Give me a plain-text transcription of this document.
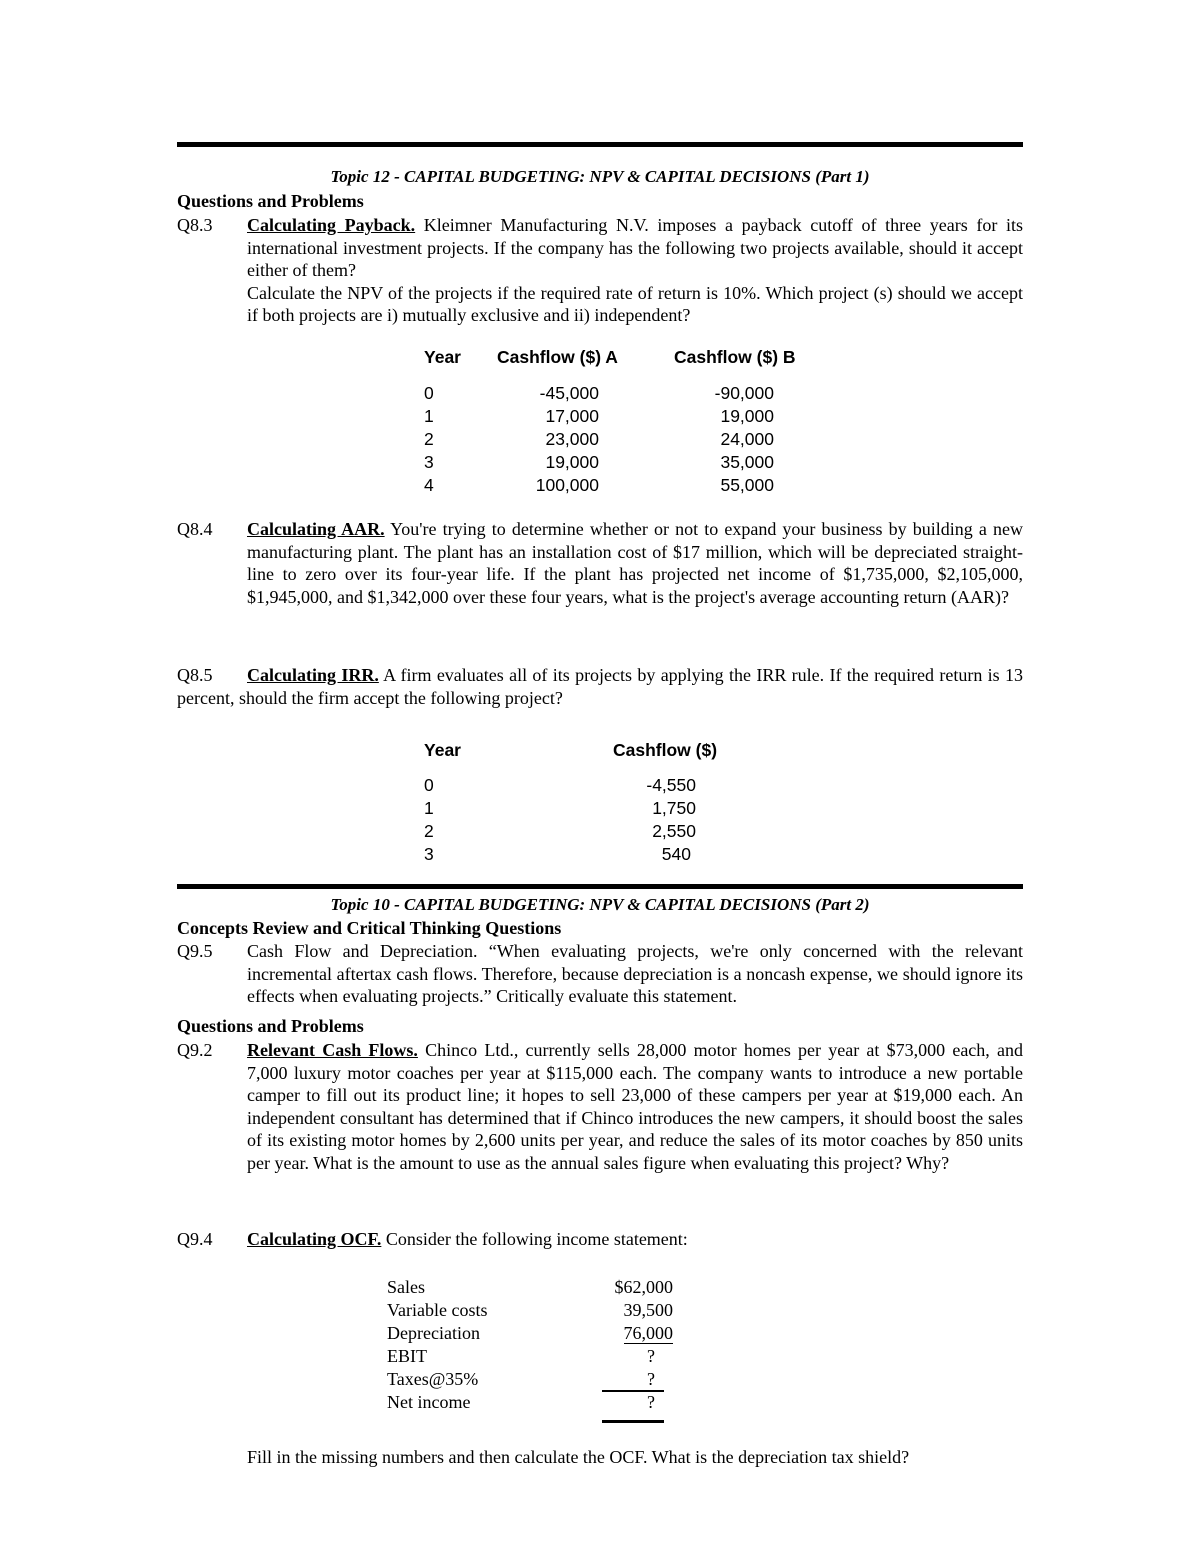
Topic 12 - CAPITAL BUDGETING: NPV & CAPITAL DECISIONS (Part 1)
Questions and Problems
Q8.3 Calculating Payback. Kleimner Manufacturing N.V. imposes a payback cutoff of three years for its international investment projects. If the company has the following two projects available, should it accept either of them?
Calculate the NPV of the projects if the required rate of return is 10%. Which project (s) should we accept if both projects are i) mutually exclusive and ii) independent?
Year Cashflow ($) A	Cashflow ($) B
0	-45,000	-90,000
1	17,000	19,000
2	23,000	24,000
3	19,000	35,000
4	100,000	55,000
Q8.4 Calculating AAR. You're trying to determine whether or not to expand your business by building a new manufacturing plant. The plant has an installation cost of $17 million, which will be depreciated straight-line to zero over its four-year life. If the plant has projected net income of $1,735,000, $2,105,000, $1,945,000, and $1,342,000 over these four years, what is the project's average accounting return (AAR)?
Q8.5 Calculating IRR. A firm evaluates all of its projects by applying the IRR rule. If the required return is 13 percent, should the firm accept the following project?
Year	Cashflow ($)
0	-4,550
1	1,750
2	2,550
3	540
Topic 10 - CAPITAL BUDGETING: NPV & CAPITAL DECISIONS (Part 2)
Concepts Review and Critical Thinking Questions
Q9.5 Cash Flow and Depreciation. “When evaluating projects, we're only concerned with the relevant incremental aftertax cash flows. Therefore, because depreciation is a noncash expense, we should ignore its effects when evaluating projects.” Critically evaluate this statement.
Questions and Problems
Q9.2 Relevant Cash Flows. Chinco Ltd., currently sells 28,000 motor homes per year at $73,000 each, and 7,000 luxury motor coaches per year at $115,000 each. The company wants to introduce a new portable camper to fill out its product line; it hopes to sell 23,000 of these campers per year at $19,000 each. An independent consultant has determined that if Chinco introduces the new campers, it should boost the sales of its existing motor homes by 2,600 units per year, and reduce the sales of its motor coaches by 850 units per year. What is the amount to use as the annual sales figure when evaluating this project? Why?
Q9.4 Calculating OCF. Consider the following income statement:
Sales	$62,000
Variable costs	39,500
Depreciation	76,000
EBIT	?
Taxes@35%	?
Net income	?
Fill in the missing numbers and then calculate the OCF. What is the depreciation tax shield?
